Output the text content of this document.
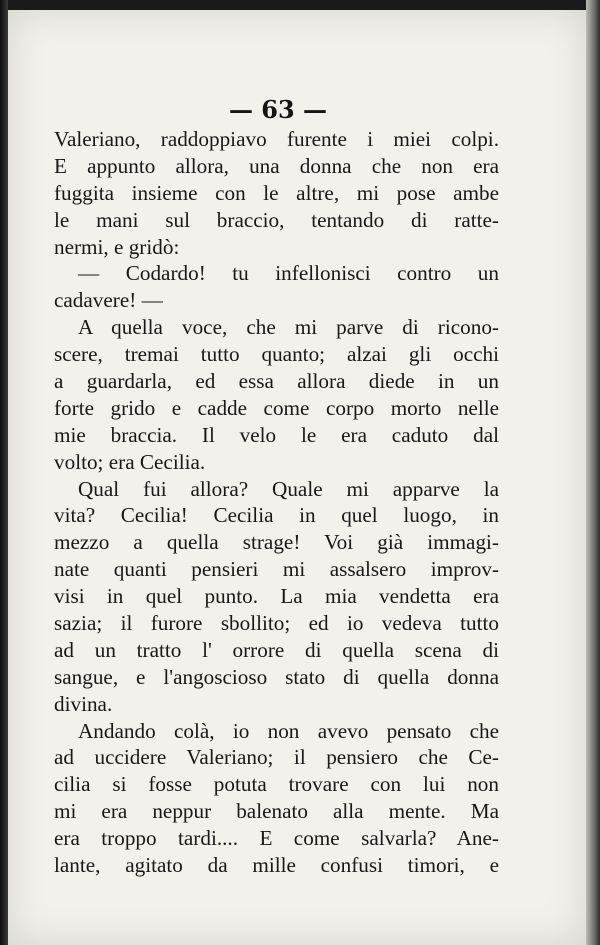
— 63 —
Valeriano, raddoppiavo furente i miei colpi.
E appunto allora, una donna che non era
fuggita insieme con le altre, mi pose ambe
le mani sul braccio, tentando di ratte-
nermi, e gridò:
— Codardo! tu infellonisci contro un
cadavere! —
A quella voce, che mi parve di ricono-
scere, tremai tutto quanto; alzai gli occhi
a guardarla, ed essa allora diede in un
forte grido e cadde come corpo morto nelle
mie braccia. Il velo le era caduto dal
volto; era Cecilia.
Qual fui allora? Quale mi apparve la
vita? Cecilia! Cecilia in quel luogo, in
mezzo a quella strage! Voi già immagi-
nate quanti pensieri mi assalsero improv-
visi in quel punto. La mia vendetta era
sazia; il furore sbollito; ed io vedeva tutto
ad un tratto l' orrore di quella scena di
sangue, e l'angoscioso stato di quella donna
divina.
Andando colà, io non avevo pensato che
ad uccidere Valeriano; il pensiero che Ce-
cilia si fosse potuta trovare con lui non
mi era neppur balenato alla mente. Ma
era troppo tardi.... E come salvarla? Ane-
lante, agitato da mille confusi timori, e
